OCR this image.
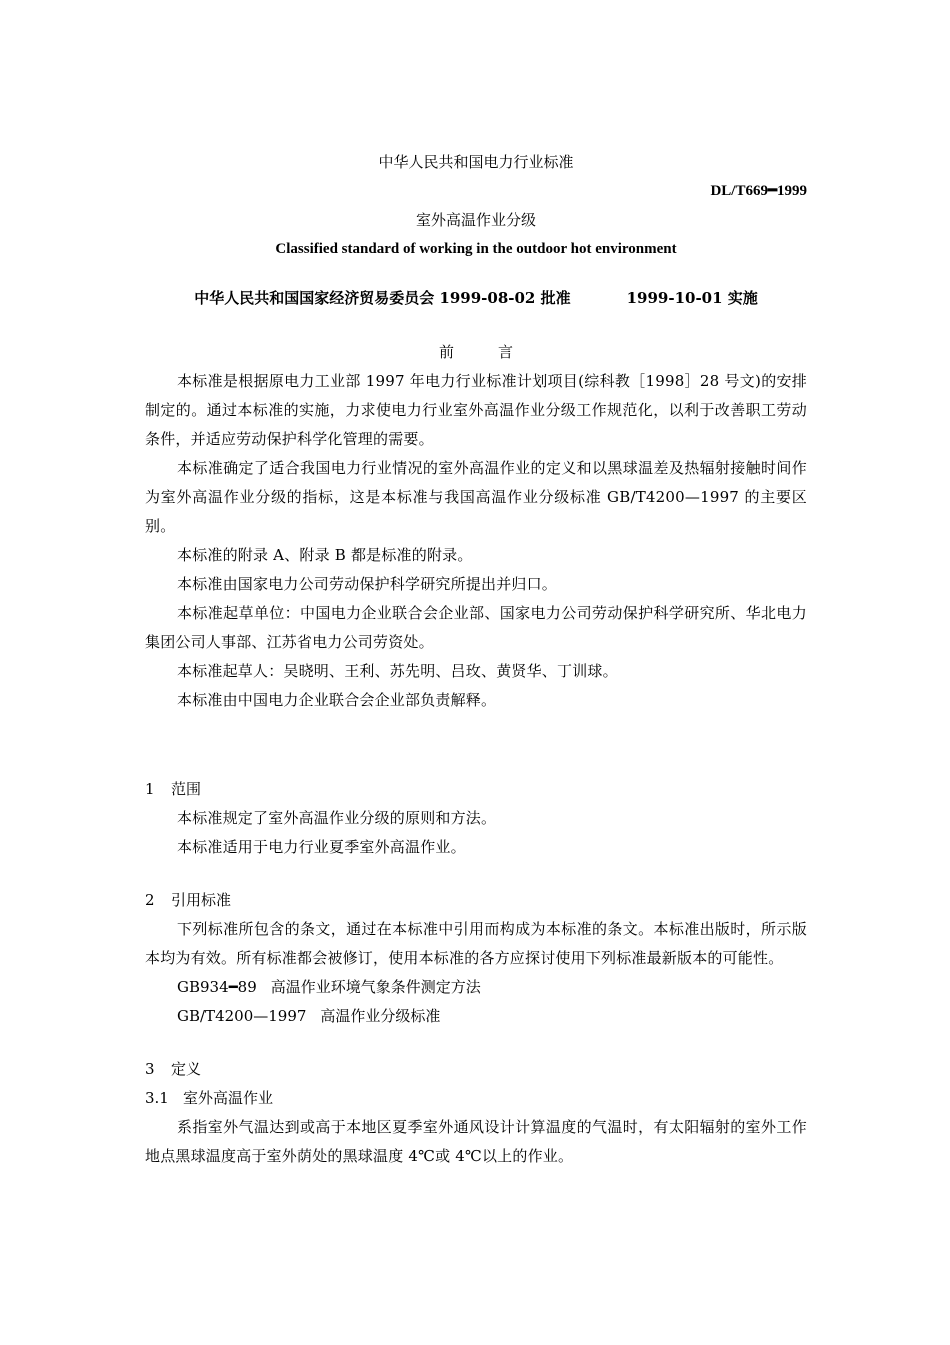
中华人民共和国电力行业标准
DL/T669━1999
室外高温作业分级
Classified standard of working in the outdoor hot environment
中华人民共和国国家经济贸易委员会 1999-08-02 批准	1999-10-01 实施
前	言

本标准是根据原电力工业部 1997 年电力行业标准计划项目(综科教［1998］28 号文)的安排制定的。通过本标准的实施，力求使电力行业室外高温作业分级工作规范化，以利于改善职工劳动条件，并适应劳动保护科学化管理的需要。

本标准确定了适合我国电力行业情况的室外高温作业的定义和以黑球温差及热辐射接触时间作为室外高温作业分级的指标，这是本标准与我国高温作业分级标准 GB/T4200—1997 的主要区别。

本标准的附录 A、附录 B 都是标准的附录。

本标准由国家电力公司劳动保护科学研究所提出并归口。

本标准起草单位：中国电力企业联合会企业部、国家电力公司劳动保护科学研究所、华北电力集团公司人事部、江苏省电力公司劳资处。

本标准起草人：吴晓明、王利、苏先明、吕玫、黄贤华、丁训球。

本标准由中国电力企业联合会企业部负责解释。

1 范围

本标准规定了室外高温作业分级的原则和方法。

本标准适用于电力行业夏季室外高温作业。

2 引用标准

下列标准所包含的条文，通过在本标准中引用而构成为本标准的条文。本标准出版时，所示版本均为有效。所有标准都会被修订，使用本标准的各方应探讨使用下列标准最新版本的可能性。

GB934━89 高温作业环境气象条件测定方法
GB/T4200—1997 高温作业分级标准
3 定义
3.1 室外高温作业

系指室外气温达到或高于本地区夏季室外通风设计计算温度的气温时，有太阳辐射的室外工作地点黑球温度高于室外荫处的黑球温度 4℃或 4℃以上的作业。
